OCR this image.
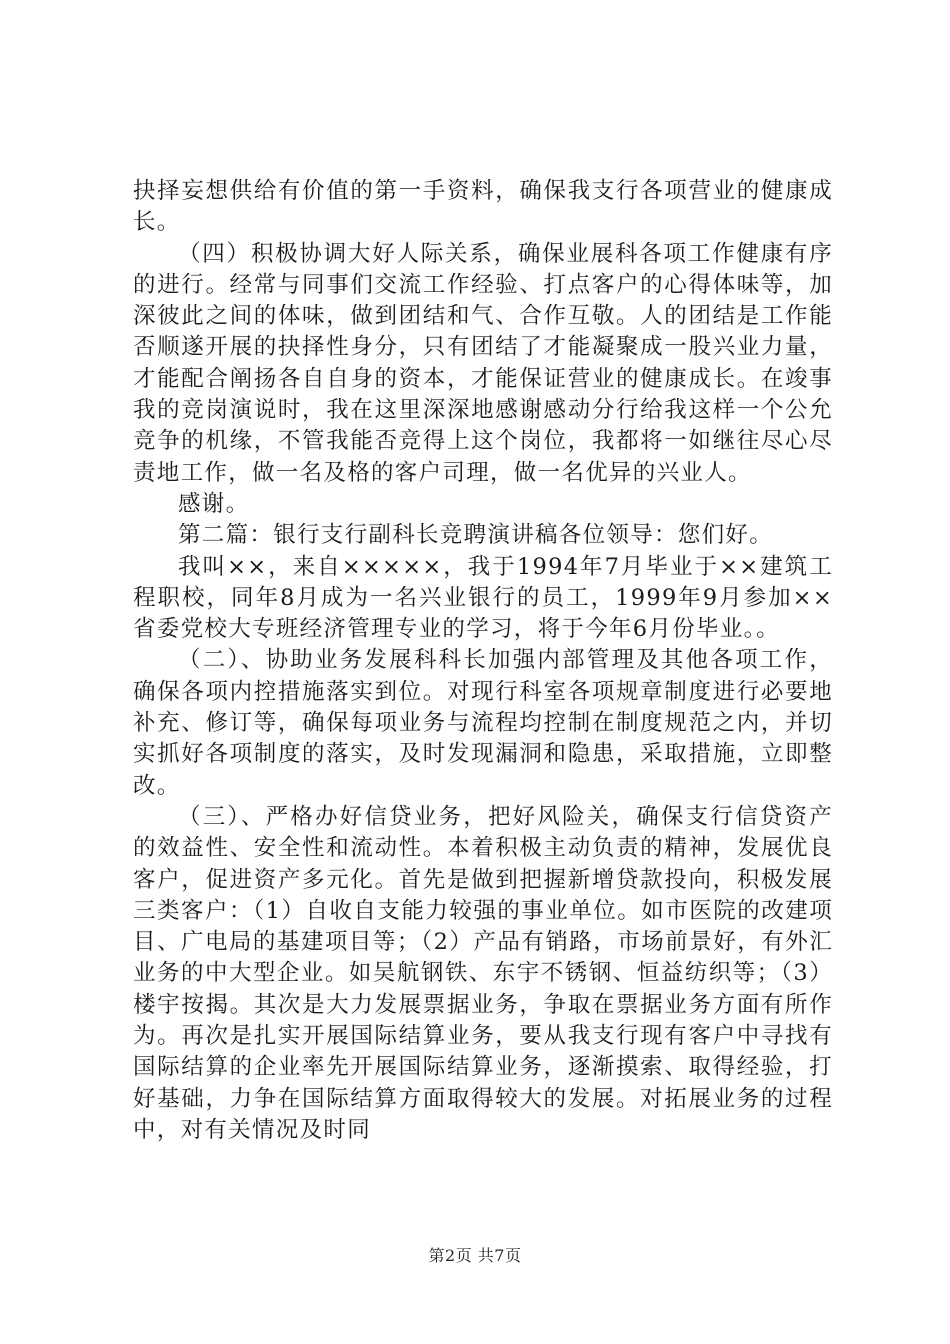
抉择妄想供给有价值的第一手资料，确保我支行各项营业的健康成长。

（四）积极协调大好人际关系，确保业展科各项工作健康有序的进行。经常与同事们交流工作经验、打点客户的心得体味等，加深彼此之间的体味，做到团结和气、合作互敬。人的团结是工作能否顺遂开展的抉择性身分，只有团结了才能凝聚成一股兴业力量，才能配合阐扬各自自身的资本，才能保证营业的健康成长。在竣事我的竞岗演说时，我在这里深深地感谢感动分行给我这样一个公允竞争的机缘，不管我能否竞得上这个岗位，我都将一如继往尽心尽责地工作，做一名及格的客户司理，做一名优异的兴业人。

感谢。

第二篇：银行支行副科长竞聘演讲稿各位领导：您们好。

我叫××，来自×××××，我于1994年7月毕业于××建筑工程职校，同年8月成为一名兴业银行的员工，1999年9月参加××省委党校大专班经济管理专业的学习，将于今年6月份毕业。。

（二）、协助业务发展科科长加强内部管理及其他各项工作，确保各项内控措施落实到位。对现行科室各项规章制度进行必要地补充、修订等，确保每项业务与流程均控制在制度规范之内，并切实抓好各项制度的落实，及时发现漏洞和隐患，采取措施，立即整改。

（三）、严格办好信贷业务，把好风险关，确保支行信贷资产的效益性、安全性和流动性。本着积极主动负责的精神，发展优良客户，促进资产多元化。首先是做到把握新增贷款投向，积极发展三类客户：（1）自收自支能力较强的事业单位。如市医院的改建项目、广电局的基建项目等；（2）产品有销路，市场前景好，有外汇业务的中大型企业。如吴航钢铁、东宇不锈钢、恒益纺织等；（3）楼宇按揭。其次是大力发展票据业务，争取在票据业务方面有所作为。再次是扎实开展国际结算业务，要从我支行现有客户中寻找有国际结算的企业率先开展国际结算业务，逐渐摸索、取得经验，打好基础，力争在国际结算方面取得较大的发展。对拓展业务的过程中，对有关情况及时同

第2页 共7页
